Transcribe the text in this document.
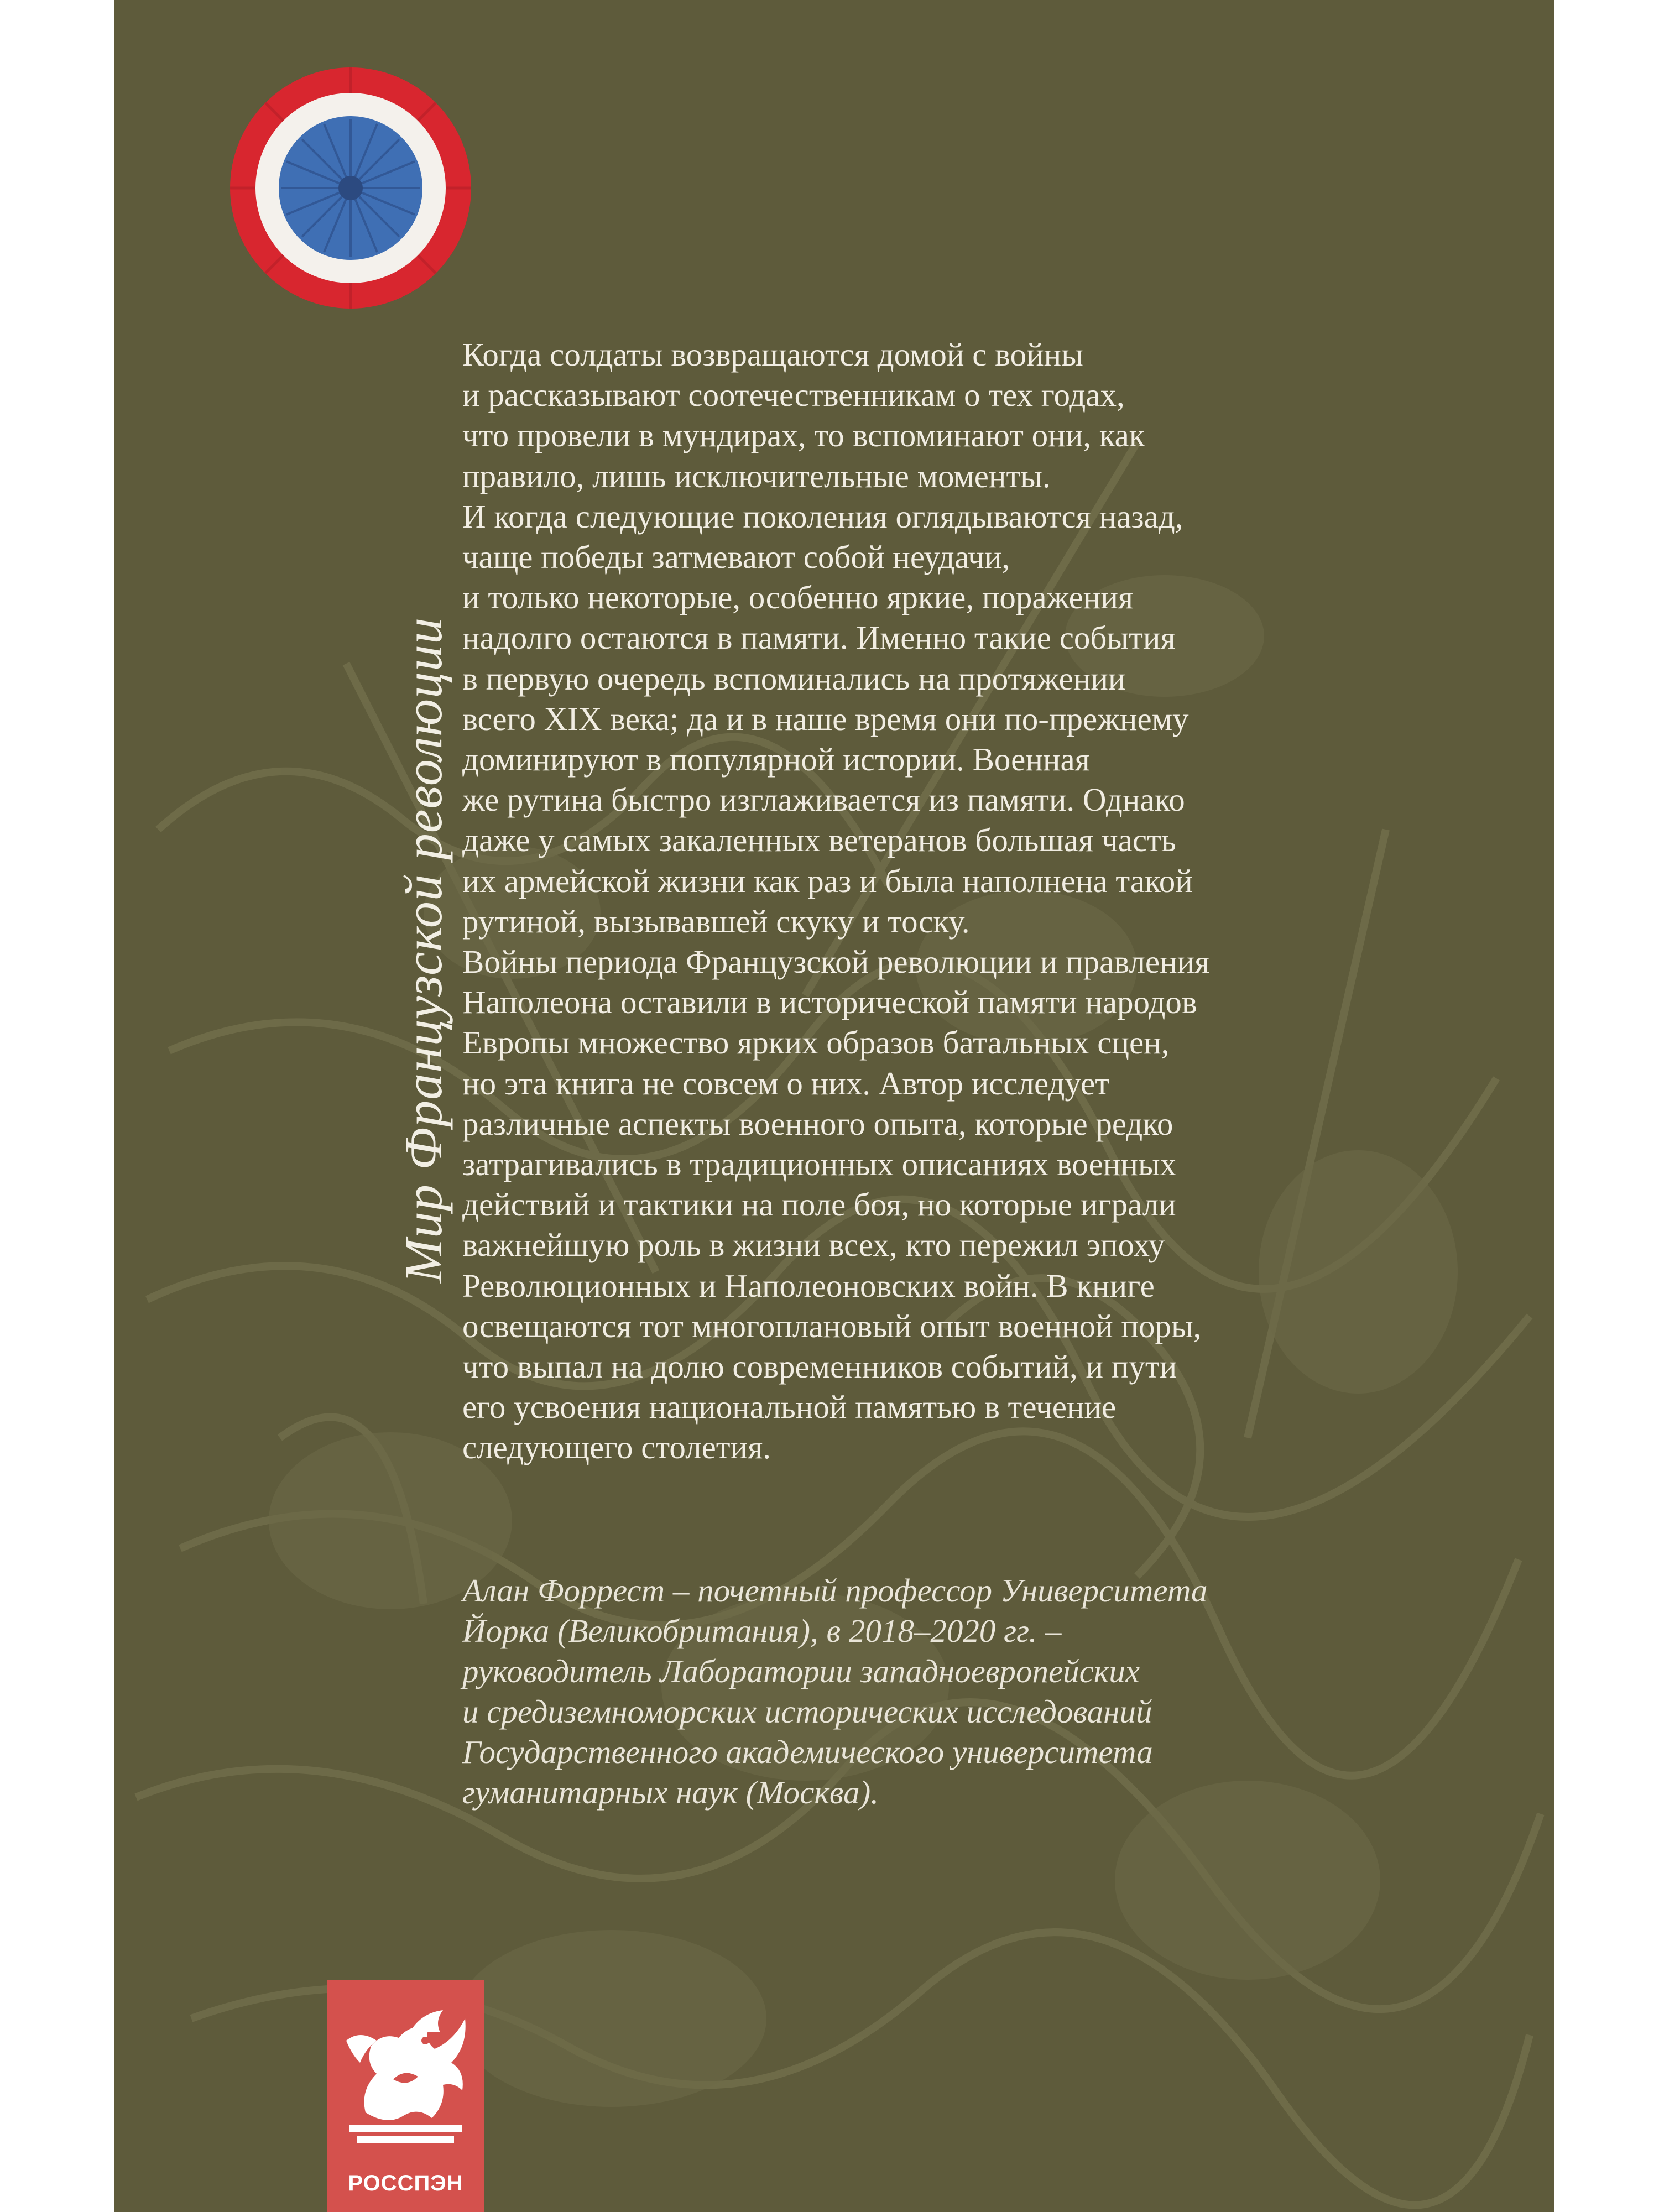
Мир Французской революции

Когда солдаты возвращаются домой с войны
и рассказывают соотечественникам о тех годах,
что провели в мундирах, то вспоминают они, как
правило, лишь исключительные моменты.
И когда следующие поколения оглядываются назад,
чаще победы затмевают собой неудачи,
и только некоторые, особенно яркие, поражения
надолго остаются в памяти. Именно такие события
в первую очередь вспоминались на протяжении
всего XIX века; да и в наше время они по-прежнему
доминируют в популярной истории. Военная
же рутина быстро изглаживается из памяти. Однако
даже у самых закаленных ветеранов большая часть
их армейской жизни как раз и была наполнена такой
рутиной, вызывавшей скуку и тоску.
Войны периода Французской революции и правления
Наполеона оставили в исторической памяти народов
Европы множество ярких образов батальных сцен,
но эта книга не совсем о них. Автор исследует
различные аспекты военного опыта, которые редко
затрагивались в традиционных описаниях военных
действий и тактики на поле боя, но которые играли
важнейшую роль в жизни всех, кто пережил эпоху
Революционных и Наполеоновских войн. В книге
освещаются тот многоплановый опыт военной поры,
что выпал на долю современников событий, и пути
его усвоения национальной памятью в течение
следующего столетия.

Алан Форрест – почетный профессор Университета
Йорка (Великобритания), в 2018–2020 гг. –
руководитель Лаборатории западноевропейских
и средиземноморских исторических исследований
Государственного академического университета
гуманитарных наук (Москва).

РОССПЭН
